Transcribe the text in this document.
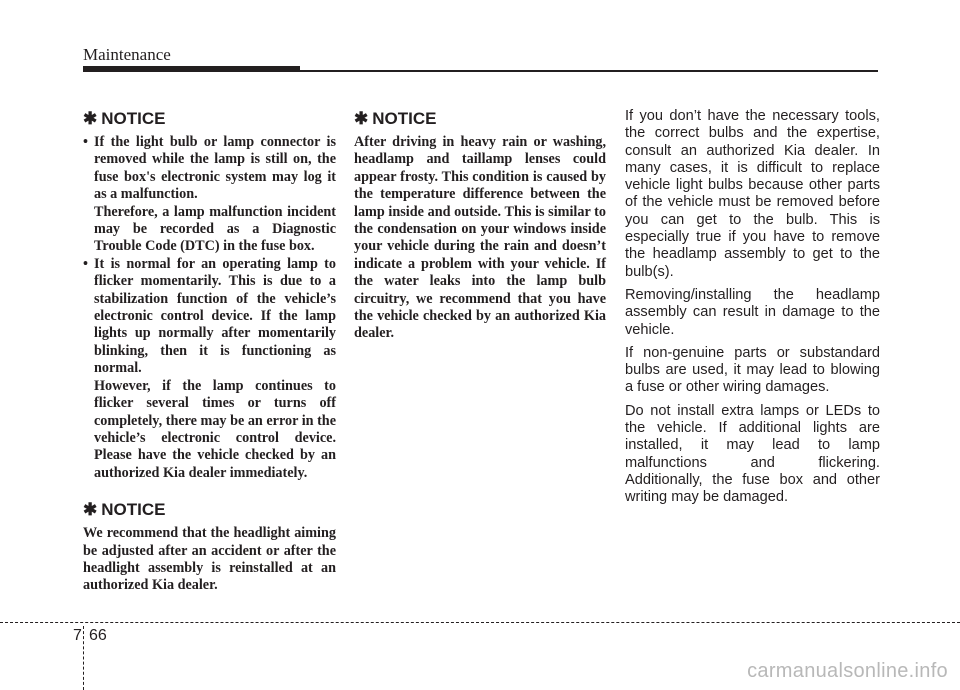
Maintenance
✱ NOTICE

• If the light bulb or lamp connector is removed while the lamp is still on, the fuse box's electronic system may log it as a malfunction.

Therefore, a lamp malfunction incident may be recorded as a Diagnostic Trouble Code (DTC) in the fuse box.

• It is normal for an operating lamp to flicker momentarily. This is due to a stabilization function of the vehicle’s electronic control device. If the lamp lights up normally after momentarily blinking, then it is functioning as normal.

However, if the lamp continues to flicker several times or turns off completely, there may be an error in the vehicle’s electronic control device. Please have the vehicle checked by an authorized Kia dealer immediately.

✱ NOTICE

We recommend that the headlight aiming be adjusted after an accident or after the headlight assembly is reinstalled at an authorized Kia dealer.

✱ NOTICE

After driving in heavy rain or washing, headlamp and taillamp lenses could appear frosty. This condition is caused by the temperature difference between the lamp inside and outside. This is similar to the condensation on your windows inside your vehicle during the rain and doesn’t indicate a problem with your vehicle. If the water leaks into the lamp bulb circuitry, we recommend that you have the vehicle checked by an authorized Kia dealer.

If you don’t have the necessary tools, the correct bulbs and the expertise, consult an authorized Kia dealer. In many cases, it is difficult to replace vehicle light bulbs because other parts of the vehicle must be removed before you can get to the bulb. This is especially true if you have to remove the headlamp assembly to get to the bulb(s).

Removing/installing the headlamp assembly can result in damage to the vehicle.

If non-genuine parts or substandard bulbs are used, it may lead to blowing a fuse or other wiring damages.

Do not install extra lamps or LEDs to the vehicle. If additional lights are installed, it may lead to lamp malfunctions and flickering. Additionally, the fuse box and other writing may be damaged.

7 66
carmanualsonline.info
